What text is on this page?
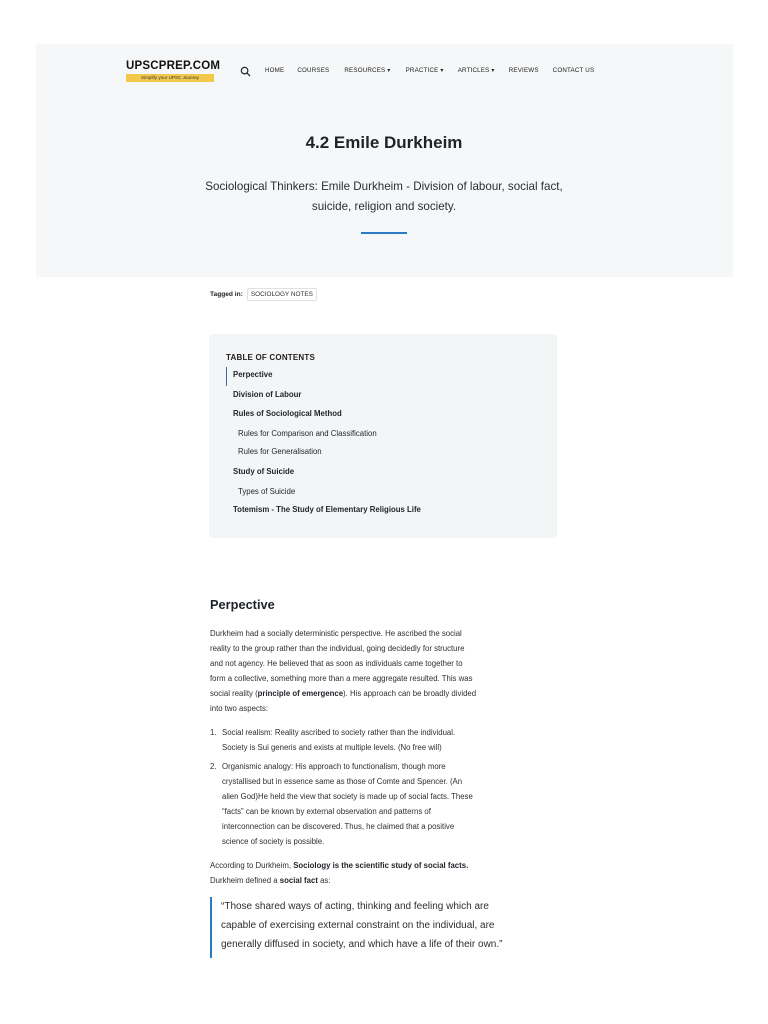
UPSCPREP.COM
Simplify your UPSC Journey
HOME COURSES RESOURCES ▾ PRACTICE ▾ ARTICLES ▾ REVIEWS CONTACT US
4.2 Emile Durkheim

Sociological Thinkers: Emile Durkheim - Division of labour, social fact, suicide, religion and society.

Tagged in:	SOCIOLOGY NOTES
TABLE OF CONTENTS
Perpective
Division of Labour
Rules of Sociological Method
Rules for Comparison and Classification
Rules for Generalisation
Study of Suicide
Types of Suicide
Totemism - The Study of Elementary Religious Life
Perpective
Durkheim had a socially deterministic perspective. He ascribed the social
reality to the group rather than the individual, going decidedly for structure
and not agency. He believed that as soon as individuals came together to
form a collective, something more than a mere aggregate resulted. This was
social reality (principle of emergence). His approach can be broadly divided
into two aspects:
1. Social realism: Reality ascribed to society rather than the individual.
Society is Sui generis and exists at multiple levels. (No free will)
2. Organismic analogy: His approach to functionalism, though more
crystallised but in essence same as those of Comte and Spencer. (An
alien God)He held the view that society is made up of social facts. These
“facts” can be known by external observation and patterns of
interconnection can be discovered. Thus, he claimed that a positive
science of society is possible.
According to Durkheim, Sociology is the scientific study of social facts.
Durkheim defined a social fact as:
“Those shared ways of acting, thinking and feeling which are
capable of exercising external constraint on the individual, are
generally diffused in society, and which have a life of their own.”
